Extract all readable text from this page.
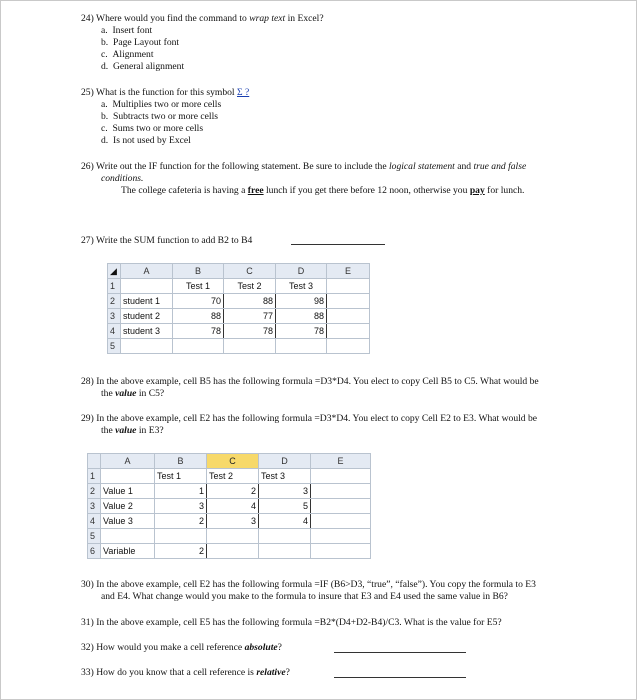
24) Where would you find the command to wrap text in Excel?
a. Insert font
b. Page Layout font
c. Alignment
d. General alignment
25) What is the function for this symbol Σ ?
a. Multiplies two or more cells
b. Subtracts two or more cells
c. Sums two or more cells
d. Is not used by Excel
26) Write out the IF function for the following statement. Be sure to include the logical statement and true and false
conditions.
The college cafeteria is having a free lunch if you get there before 12 noon, otherwise you pay for lunch.
27) Write the SUM function to add B2 to B4
◢	A	B	C	D	E
1		Test 1	Test 2	Test 3	
2	student 1	70	88	98	
3	student 2	88	77	88	
4	student 3	78	78	78	
5					
28) In the above example, cell B5 has the following formula =D3*D4. You elect to copy Cell B5 to C5. What would be
the value in C5?
29) In the above example, cell E2 has the following formula =D3*D4. You elect to copy Cell E2 to E3. What would be
the value in E3?
	A	B	C	D	E
1		Test 1	Test 2	Test 3	
2	Value 1	1	2	3	
3	Value 2	3	4	5	
4	Value 3	2	3	4	
5					
6	Variable	2			
30) In the above example, cell E2 has the following formula =IF (B6>D3, “true”, “false”). You copy the formula to E3
and E4. What change would you make to the formula to insure that E3 and E4 used the same value in B6?
31) In the above example, cell E5 has the following formula =B2*(D4+D2-B4)/C3. What is the value for E5?
32) How would you make a cell reference absolute?
33) How do you know that a cell reference is relative?
